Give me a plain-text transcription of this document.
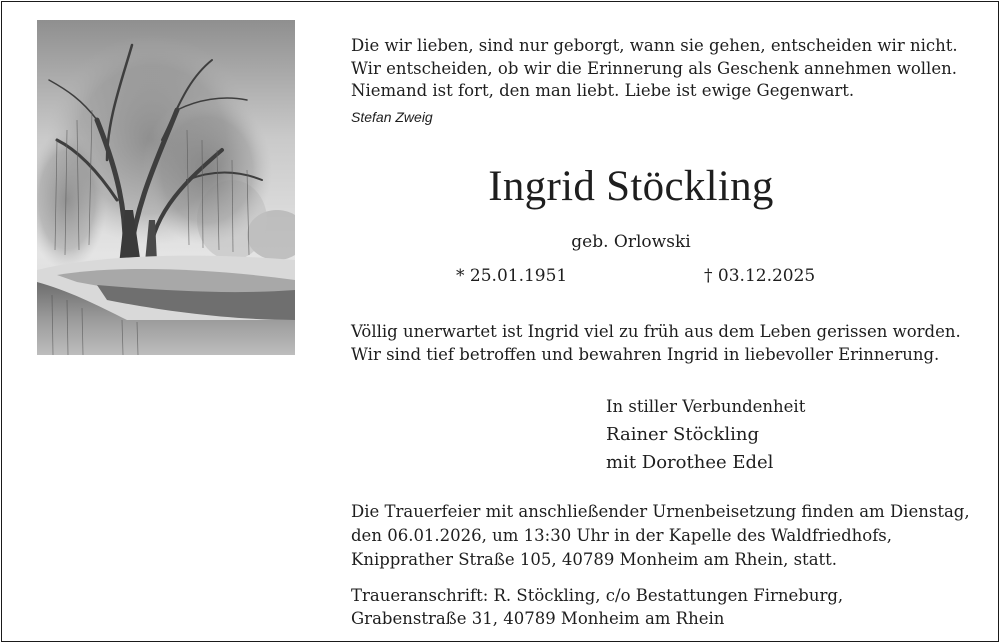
Die wir lieben, sind nur geborgt, wann sie gehen, entscheiden wir nicht.
Wir entscheiden, ob wir die Erinnerung als Geschenk annehmen wollen.
Niemand ist fort, den man liebt. Liebe ist ewige Gegenwart.
Stefan Zweig
Ingrid Stöckling
geb. Orlowski
* 25.01.1951	† 03.12.2025
Völlig unerwartet ist Ingrid viel zu früh aus dem Leben gerissen worden.
Wir sind tief betroffen und bewahren Ingrid in liebevoller Erinnerung.
In stiller Verbundenheit
Rainer Stöckling
mit Dorothee Edel
Die Trauerfeier mit anschließender Urnenbeisetzung finden am Dienstag,
den 06.01.2026, um 13:30 Uhr in der Kapelle des Waldfriedhofs,
Knipprather Straße 105, 40789 Monheim am Rhein, statt.
Traueranschrift: R. Stöckling, c/o Bestattungen Firneburg,
Grabenstraße 31, 40789 Monheim am Rhein
